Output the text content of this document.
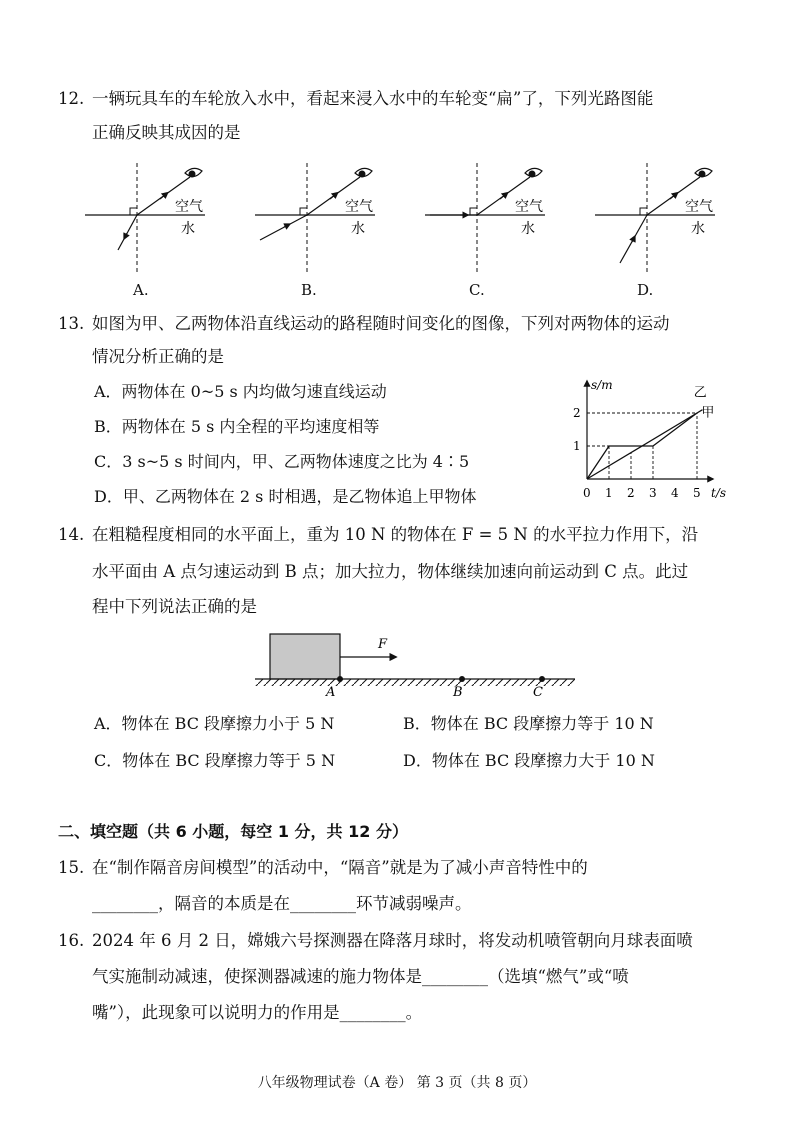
12. 一辆玩具车的车轮放入水中，看起来浸入水中的车轮变“扁”了，下列光路图能
正确反映其成因的是
空气
水
空气
水
空气
水
空气
水
A.	B.	C.	D.
13. 如图为甲、乙两物体沿直线运动的路程随时间变化的图像，下列对两物体的运动
情况分析正确的是
A．两物体在 0~5 s 内均做匀速直线运动
B．两物体在 5 s 内全程的平均速度相等
C．3 s~5 s 时间内，甲、乙两物体速度之比为 4∶5
D．甲、乙两物体在 2 s 时相遇，是乙物体追上甲物体
s/m
t/s
0 1 2 3 4 5
1
2
乙
甲
14. 在粗糙程度相同的水平面上，重为 10 N 的物体在 F = 5 N 的水平拉力作用下，沿
水平面由 A 点匀速运动到 B 点；加大拉力，物体继续加速向前运动到 C 点。此过
程中下列说法正确的是
F
A	B	C
A．物体在 BC 段摩擦力小于 5 N	B．物体在 BC 段摩擦力等于 10 N
C．物体在 BC 段摩擦力等于 5 N	D．物体在 BC 段摩擦力大于 10 N
二、填空题（共 6 小题，每空 1 分，共 12 分）
15. 在“制作隔音房间模型”的活动中，“隔音”就是为了减小声音特性中的
________，隔音的本质是在________环节减弱噪声。
16. 2024 年 6 月 2 日，嫦娥六号探测器在降落月球时，将发动机喷管朝向月球表面喷
气实施制动减速，使探测器减速的施力物体是________（选填“燃气”或“喷
嘴”），此现象可以说明力的作用是________。
八年级物理试卷（A 卷） 第 3 页（共 8 页）
